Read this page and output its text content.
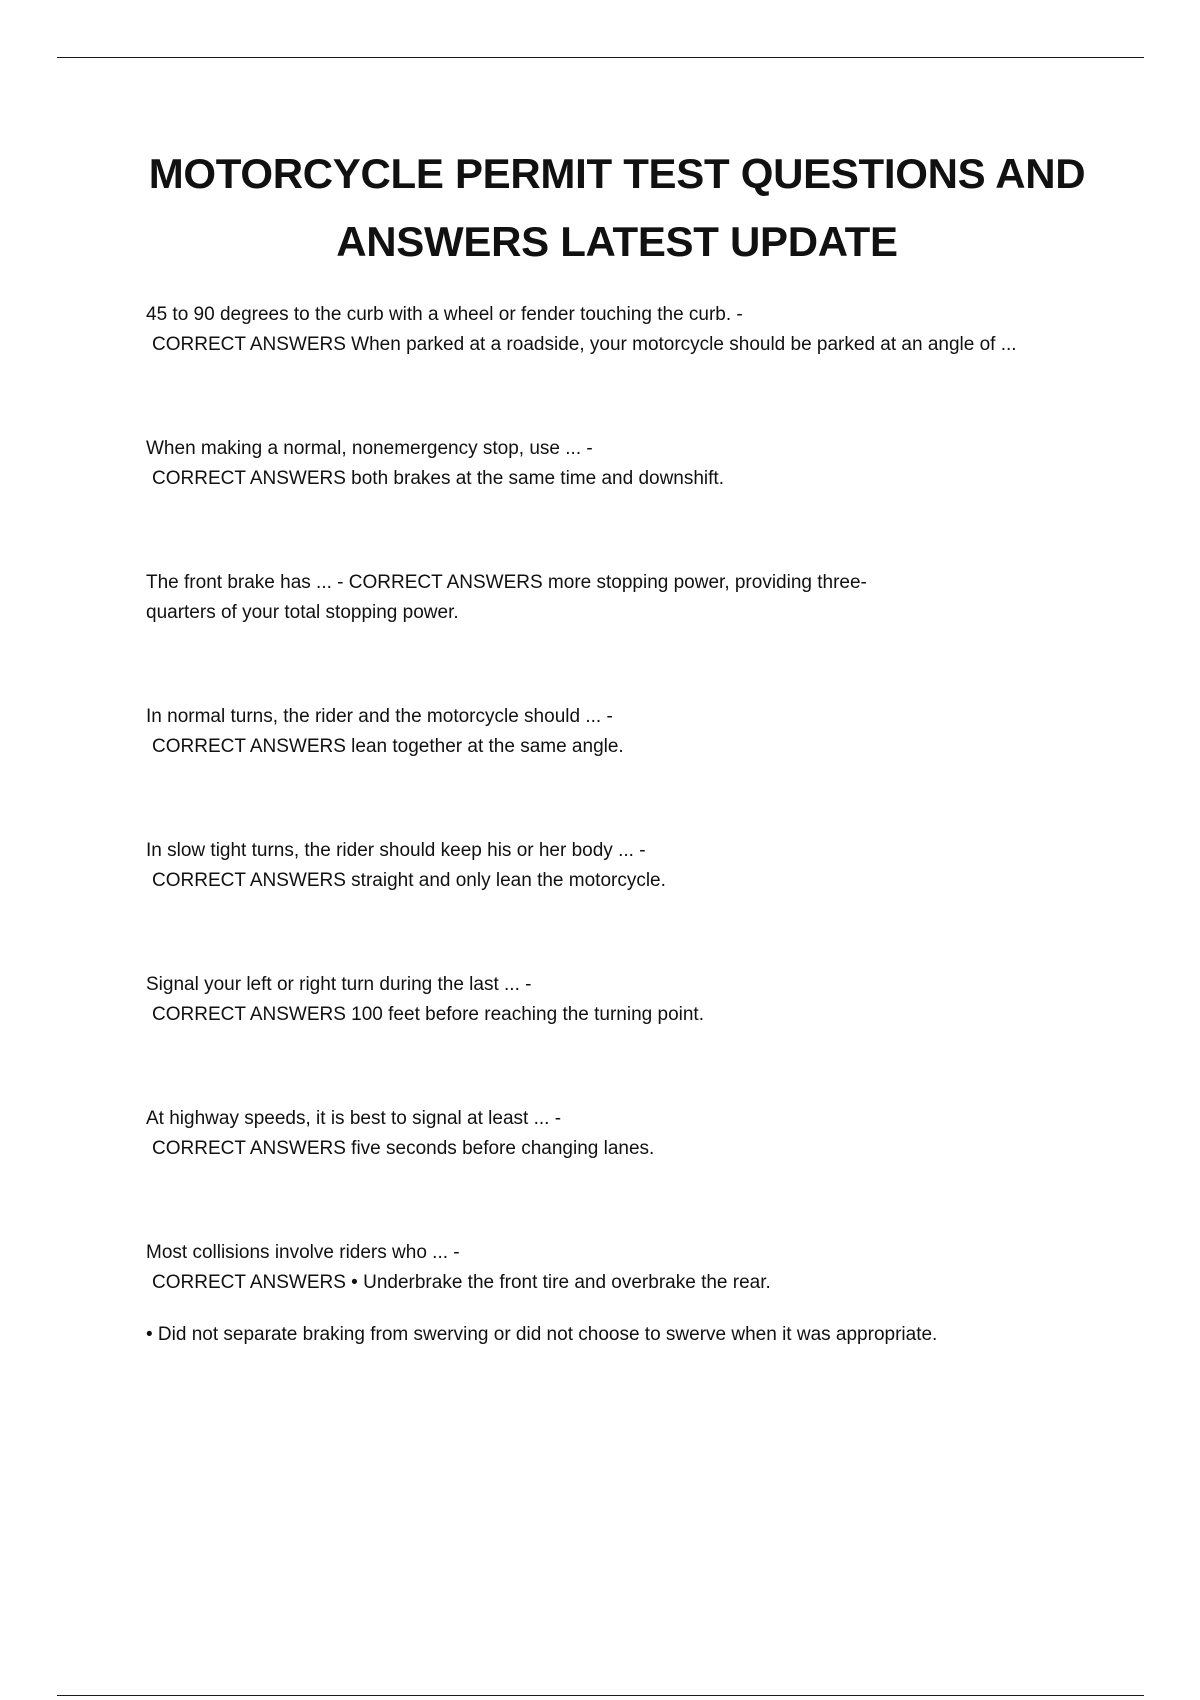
MOTORCYCLE PERMIT TEST QUESTIONS AND
ANSWERS LATEST UPDATE
45 to 90 degrees to the curb with a wheel or fender touching the curb. -
CORRECT ANSWERS When parked at a roadside, your motorcycle should be parked at an angle of ...
When making a normal, nonemergency stop, use ... -
CORRECT ANSWERS both brakes at the same time and downshift.
The front brake has ... - CORRECT ANSWERS more stopping power, providing three-
quarters of your total stopping power.
In normal turns, the rider and the motorcycle should ... -
CORRECT ANSWERS lean together at the same angle.
In slow tight turns, the rider should keep his or her body ... -
CORRECT ANSWERS straight and only lean the motorcycle.
Signal your left or right turn during the last ... -
CORRECT ANSWERS 100 feet before reaching the turning point.
At highway speeds, it is best to signal at least ... -
CORRECT ANSWERS five seconds before changing lanes.
Most collisions involve riders who ... -
CORRECT ANSWERS • Underbrake the front tire and overbrake the rear.
• Did not separate braking from swerving or did not choose to swerve when it was appropriate.
